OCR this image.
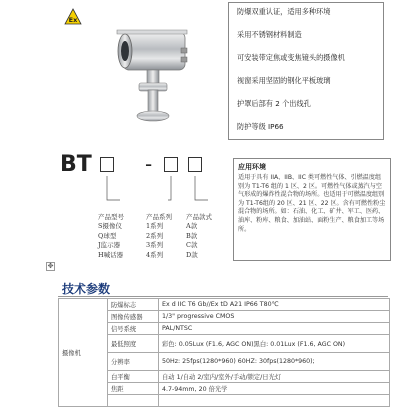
Ex
防爆双重认证，适用多种环境
采用不锈钢材料制造
可安装带定焦或变焦镜头的摄像机
视窗采用坚固的钢化平板玻璃
护罩后部有 2 个出线孔
防护等级 IP66
BT	-
产品型号
S摄像仪
Q球型
J监示器
H喊话器
产品系列
1系列
2系列
3系列
4系列
产品款式
A款
B款
C款
D款
应用环境
适用于具有 IIA、IIB、IIC 类可燃性气体、引燃温度组别为 T1-T6 组的 1 区、2 区。可燃性气体或蒸汽与空气形成的爆炸性混合物的场所。也适用于可燃温度组别为 T1-T6组的 20 区、21 区、22 区。含有可燃性粉尘混合物的场所。如：石油、化工、矿井、军工、医药、油库、粉库、粮食、加油站、面粉生产、粮食加工等场所。
✥
技术参数
摄像机	防爆标志	Ex d IIC T6 Gb//Ex tD A21 IP66 T80℃
	图像传感器	1/3" progressive CMOS
	信号系统	PAL/NTSC
	最低照度	彩色: 0.05Lux (F1.6, AGC ON)黑白: 0.01Lux (F1.6, AGC ON)
	分辨率	50Hz: 25fps(1280*960) 60HZ: 30fps(1280*960);
	白平衡	自动 1/自动 2/室内/室外/手动/锁定/日光灯
	焦距	4.7-94mm, 20 倍光学
